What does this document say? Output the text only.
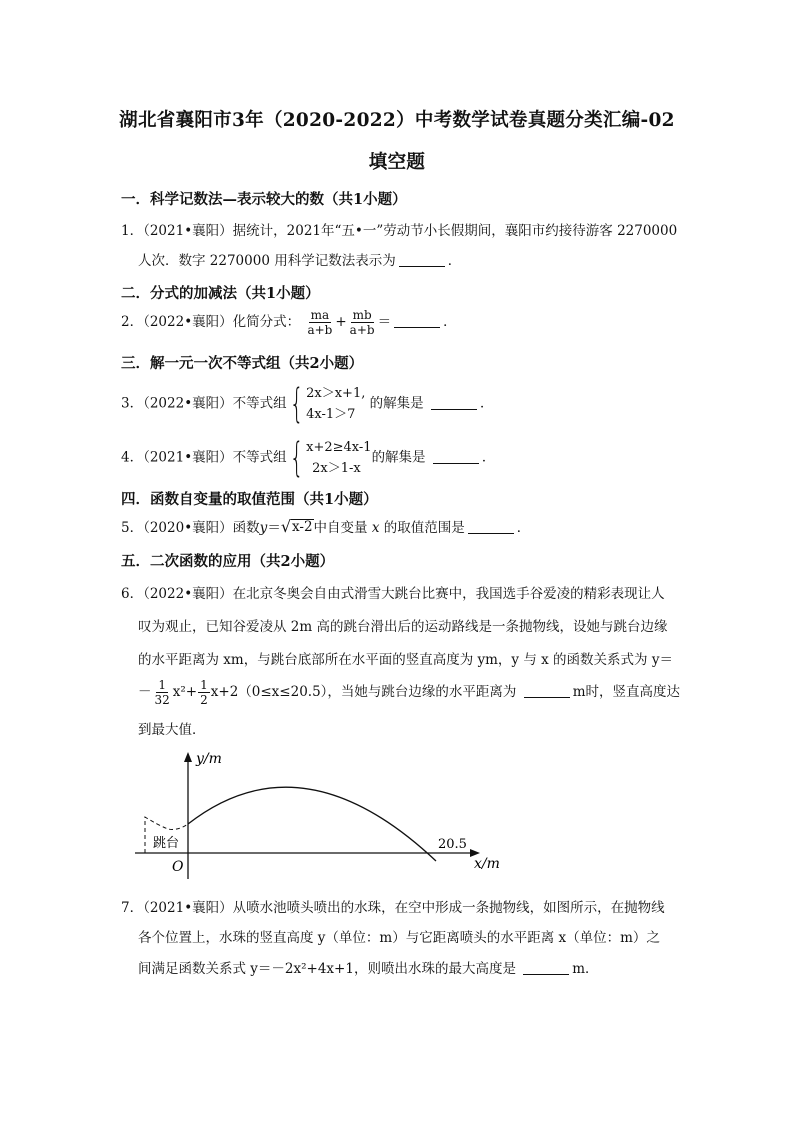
湖北省襄阳市3年（2020-2022）中考数学试卷真题分类汇编-02
填空题
一．科学记数法—表示较大的数（共1小题）
1．（2021•襄阳）据统计，2021年“五•一”劳动节小长假期间，襄阳市约接待游客 2270000
人次．数字 2270000 用科学记数法表示为	．
二．分式的加减法（共1小题）
2．（2022•襄阳）化简分式： $\frac{ma}{a+b} + \frac{mb}{a+b}$ ＝	．
三．解一元一次不等式组（共2小题）
3．（2022•襄阳）不等式组 { 2x＞x+1,
4x-1＞7
的解集是	．
4．（2021•襄阳）不等式组 { x+2≥4x-1
2x＞1-x
的解集是	．
四．函数自变量的取值范围（共1小题）
5．（2020•襄阳）函数y＝ √ x-2 中自变量 x 的取值范围是	．
五．二次函数的应用（共2小题）
6．（2022•襄阳）在北京冬奥会自由式滑雪大跳台比赛中，我国选手谷爱凌的精彩表现让人
叹为观止，已知谷爱凌从 2m 高的跳台滑出后的运动路线是一条抛物线，设她与跳台边缘
的水平距离为 xm，与跳台底部所在水平面的竖直高度为 ym，y 与 x 的函数关系式为 y＝
－ $\frac{1}{32} x^2+ \frac{1}{2} x+2(0\le x\le 20.5)$，当她与跳台边缘的水平距离为	m时，竖直高度达
到最大值．
y/m
x/m
O
跳台	20.5
7．（2021•襄阳）从喷水池喷头喷出的水珠，在空中形成一条抛物线，如图所示，在抛物线
各个位置上，水珠的竖直高度 y（单位：m）与它距离喷头的水平距离 x（单位：m）之
间满足函数关系式 y＝－2x²+4x+1，则喷出水珠的最大高度是	m．
